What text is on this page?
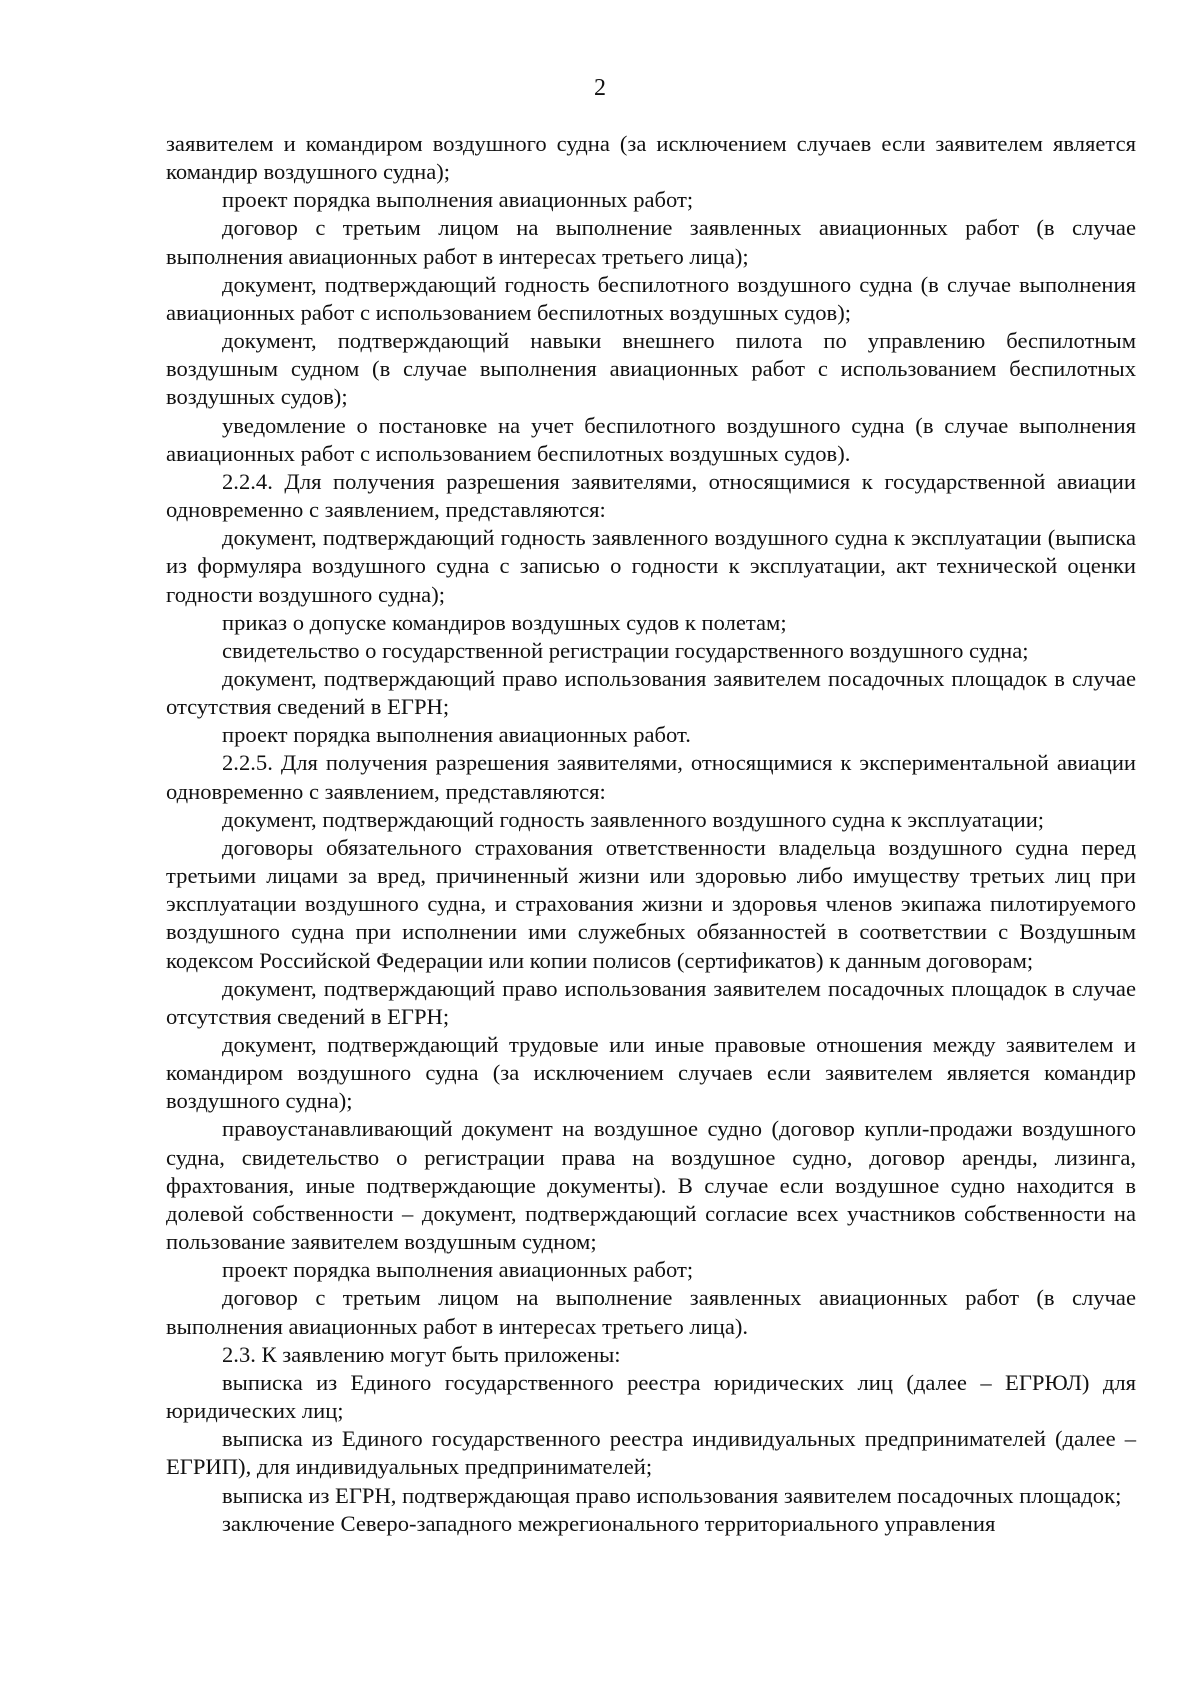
2

заявителем и командиром воздушного судна (за исключением случаев если заявителем является командир воздушного судна);

проект порядка выполнения авиационных работ;

договор с третьим лицом на выполнение заявленных авиационных работ (в случае выполнения авиационных работ в интересах третьего лица);

документ, подтверждающий годность беспилотного воздушного судна (в случае выполнения авиационных работ с использованием беспилотных воздушных судов);

документ, подтверждающий навыки внешнего пилота по управлению беспилотным воздушным судном (в случае выполнения авиационных работ с использованием беспилотных воздушных судов);

уведомление о постановке на учет беспилотного воздушного судна (в случае выполнения авиационных работ с использованием беспилотных воздушных судов).

2.2.4. Для получения разрешения заявителями, относящимися к государственной авиации одновременно с заявлением, представляются:

документ, подтверждающий годность заявленного воздушного судна к эксплуатации (выписка из формуляра воздушного судна с записью о годности к эксплуатации, акт технической оценки годности воздушного судна);

приказ о допуске командиров воздушных судов к полетам;

свидетельство о государственной регистрации государственного воздушного судна;

документ, подтверждающий право использования заявителем посадочных площадок в случае отсутствия сведений в ЕГРН;

проект порядка выполнения авиационных работ.

2.2.5. Для получения разрешения заявителями, относящимися к экспериментальной авиации одновременно с заявлением, представляются:

документ, подтверждающий годность заявленного воздушного судна к эксплуатации;

договоры обязательного страхования ответственности владельца воздушного судна перед третьими лицами за вред, причиненный жизни или здоровью либо имуществу третьих лиц при эксплуатации воздушного судна, и страхования жизни и здоровья членов экипажа пилотируемого воздушного судна при исполнении ими служебных обязанностей в соответствии с Воздушным кодексом Российской Федерации или копии полисов (сертификатов) к данным договорам;

документ, подтверждающий право использования заявителем посадочных площадок в случае отсутствия сведений в ЕГРН;

документ, подтверждающий трудовые или иные правовые отношения между заявителем и командиром воздушного судна (за исключением случаев если заявителем является командир воздушного судна);

правоустанавливающий документ на воздушное судно (договор купли-продажи воздушного судна, свидетельство о регистрации права на воздушное судно, договор аренды, лизинга, фрахтования, иные подтверждающие документы). В случае если воздушное судно находится в долевой собственности – документ, подтверждающий согласие всех участников собственности на пользование заявителем воздушным судном;

проект порядка выполнения авиационных работ;

договор с третьим лицом на выполнение заявленных авиационных работ (в случае выполнения авиационных работ в интересах третьего лица).

2.3. К заявлению могут быть приложены:

выписка из Единого государственного реестра юридических лиц (далее – ЕГРЮЛ) для юридических лиц;

выписка из Единого государственного реестра индивидуальных предпринимателей (далее – ЕГРИП), для индивидуальных предпринимателей;

выписка из ЕГРН, подтверждающая право использования заявителем посадочных площадок;

заключение Северо-западного межрегионального территориального управления
